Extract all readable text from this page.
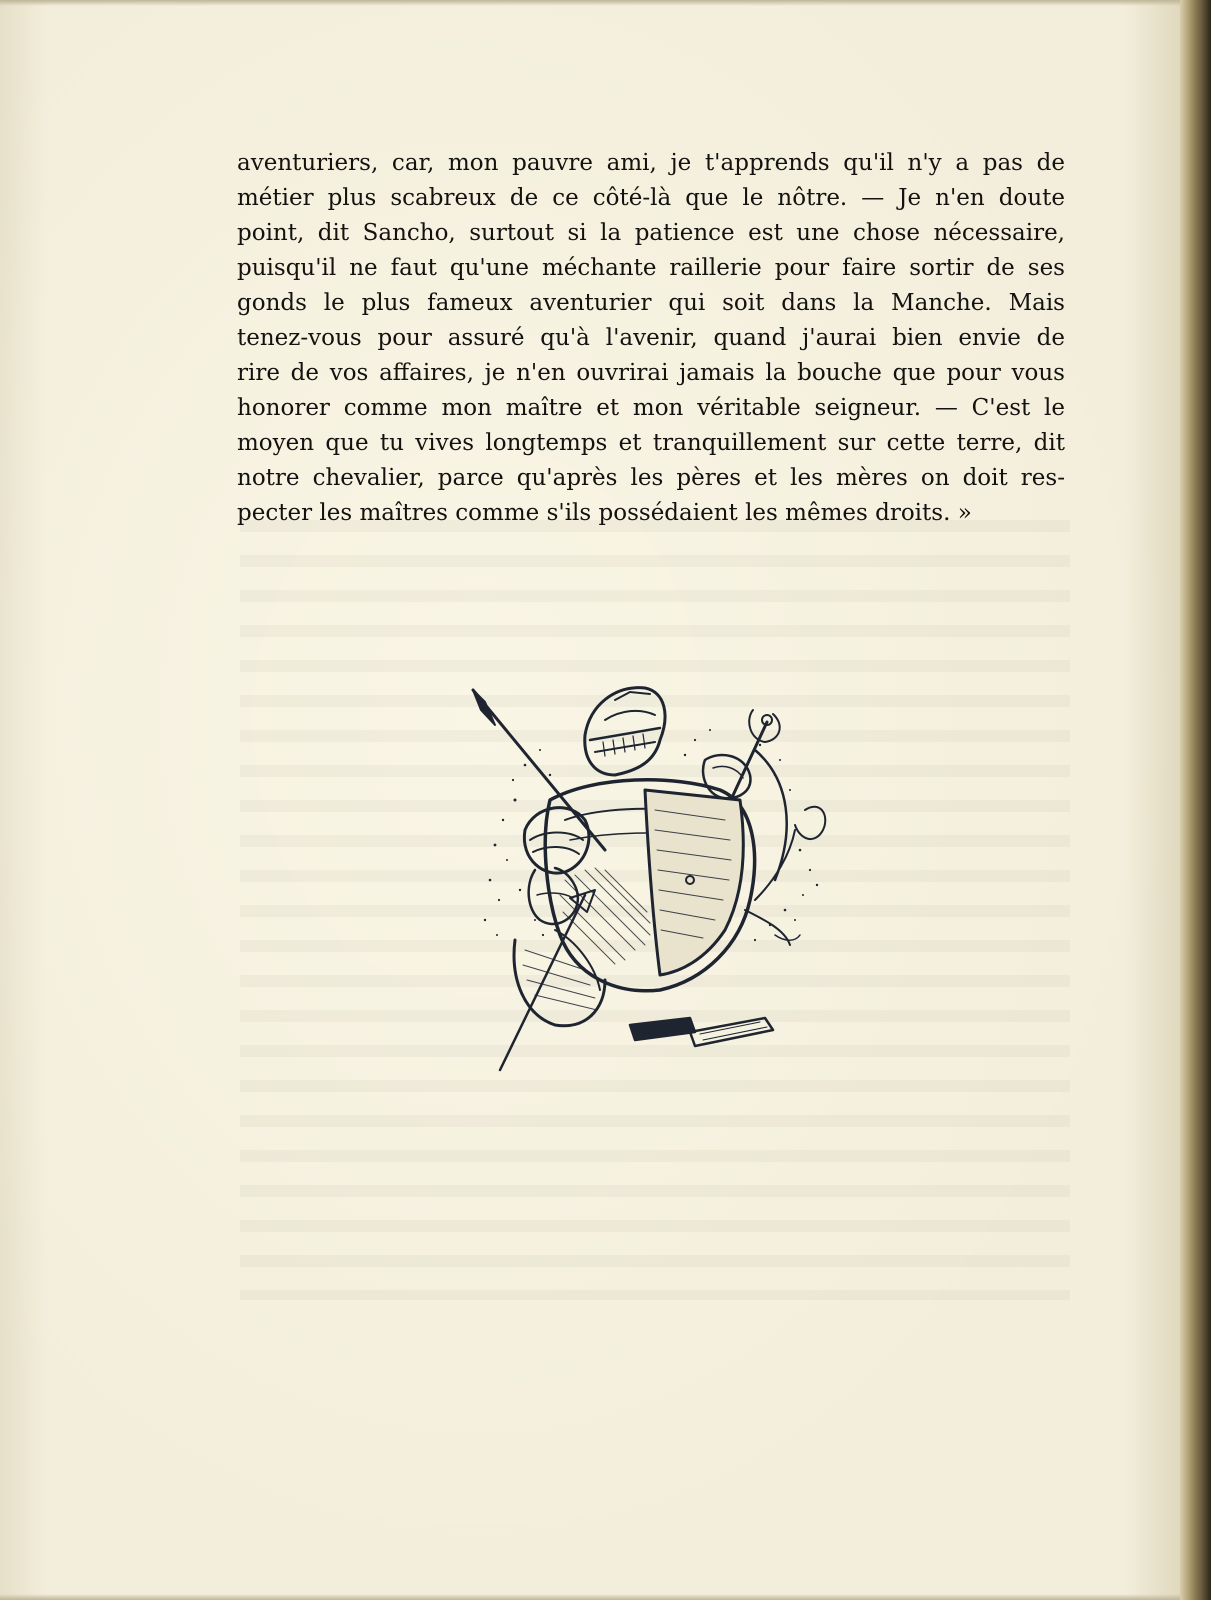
aventuriers, car, mon pauvre ami, je t'apprends qu'il n'y a pas de
métier plus scabreux de ce côté-là que le nôtre. — Je n'en doute
point, dit Sancho, surtout si la patience est une chose nécessaire,
puisqu'il ne faut qu'une méchante raillerie pour faire sortir de ses
gonds le plus fameux aventurier qui soit dans la Manche. Mais
tenez-vous pour assuré qu'à l'avenir, quand j'aurai bien envie de
rire de vos affaires, je n'en ouvrirai jamais la bouche que pour vous
honorer comme mon maître et mon véritable seigneur. — C'est le
moyen que tu vives longtemps et tranquillement sur cette terre, dit
notre chevalier, parce qu'après les pères et les mères on doit res-
pecter les maîtres comme s'ils possédaient les mêmes droits. »
